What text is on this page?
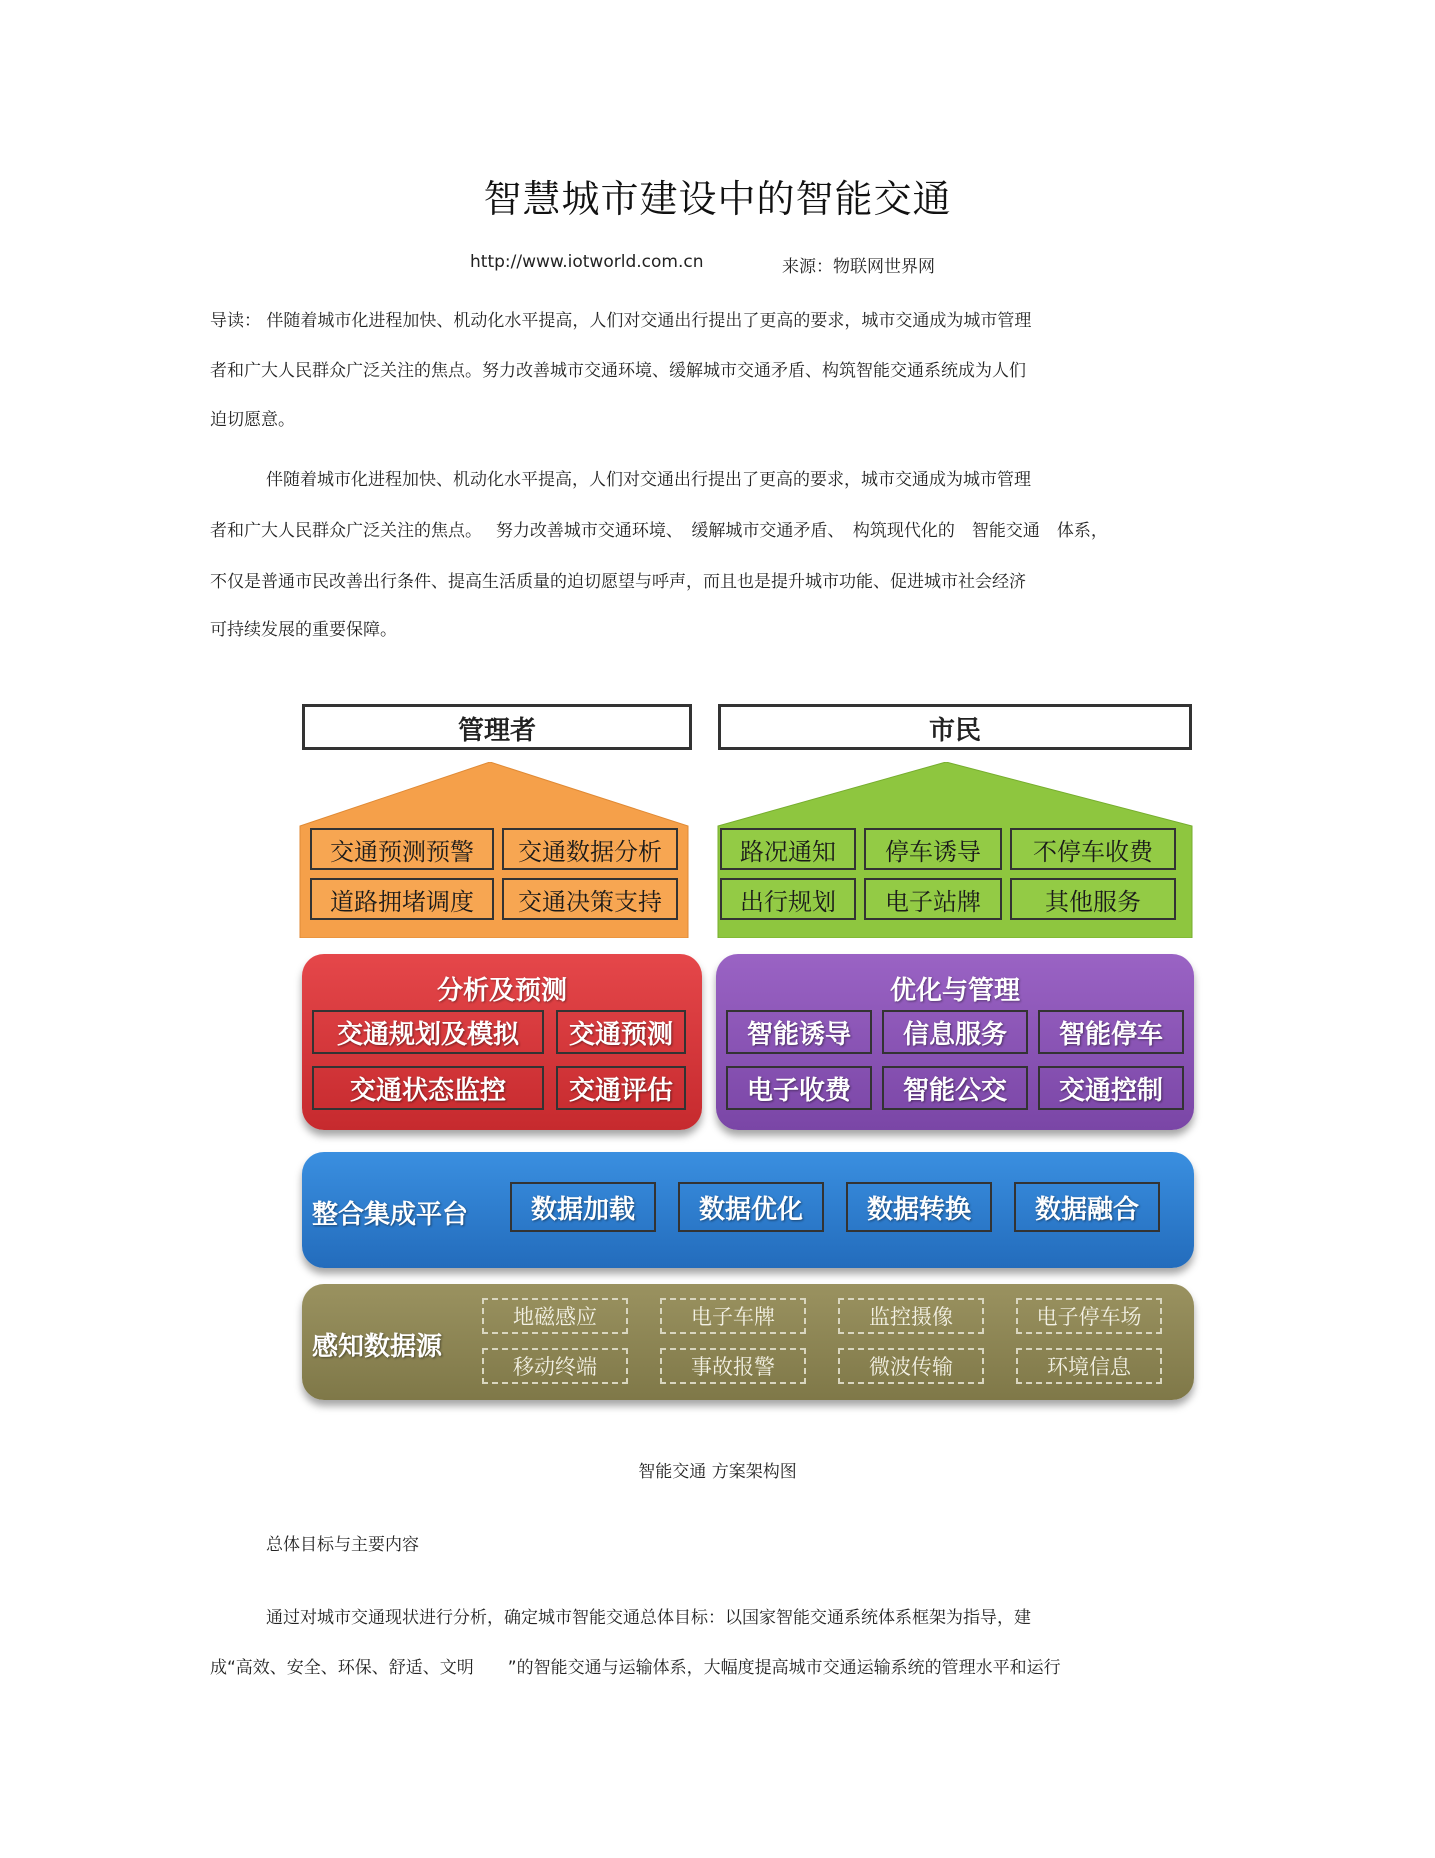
智慧城市建设中的智能交通
http://www.iotworld.com.cn	来源：物联网世界网
导读： 伴随着城市化进程加快、机动化水平提高，人们对交通出行提出了更高的要求，城市交通成为城市管理
者和广大人民群众广泛关注的焦点。努力改善城市交通环境、缓解城市交通矛盾、构筑智能交通系统成为人们
迫切愿意。
伴随着城市化进程加快、机动化水平提高，人们对交通出行提出了更高的要求，城市交通成为城市管理
者和广大人民群众广泛关注的焦点。　 努力改善城市交通环境、　缓解城市交通矛盾、　构筑现代化的　智能交通　体系，
不仅是普通市民改善出行条件、提高生活质量的迫切愿望与呼声，而且也是提升城市功能、促进城市社会经济
可持续发展的重要保障。
管理者	市民
交通预测预警	交通数据分析
道路拥堵调度	交通决策支持
路况通知	停车诱导	不停车收费
出行规划	电子站牌	其他服务
分析及预测
交通规划及模拟	交通预测
交通状态监控	交通评估
优化与管理
智能诱导	信息服务	智能停车
电子收费	智能公交	交通控制
整合集成平台	数据加载	数据优化	数据转换	数据融合
感知数据源
地磁感应	电子车牌	监控摄像	电子停车场
移动终端	事故报警	微波传输	环境信息
智能交通 方案架构图
总体目标与主要内容
通过对城市交通现状进行分析，确定城市智能交通总体目标：以国家智能交通系统体系框架为指导，建
成“高效、安全、环保、舒适、文明　　”的智能交通与运输体系，大幅度提高城市交通运输系统的管理水平和运行
